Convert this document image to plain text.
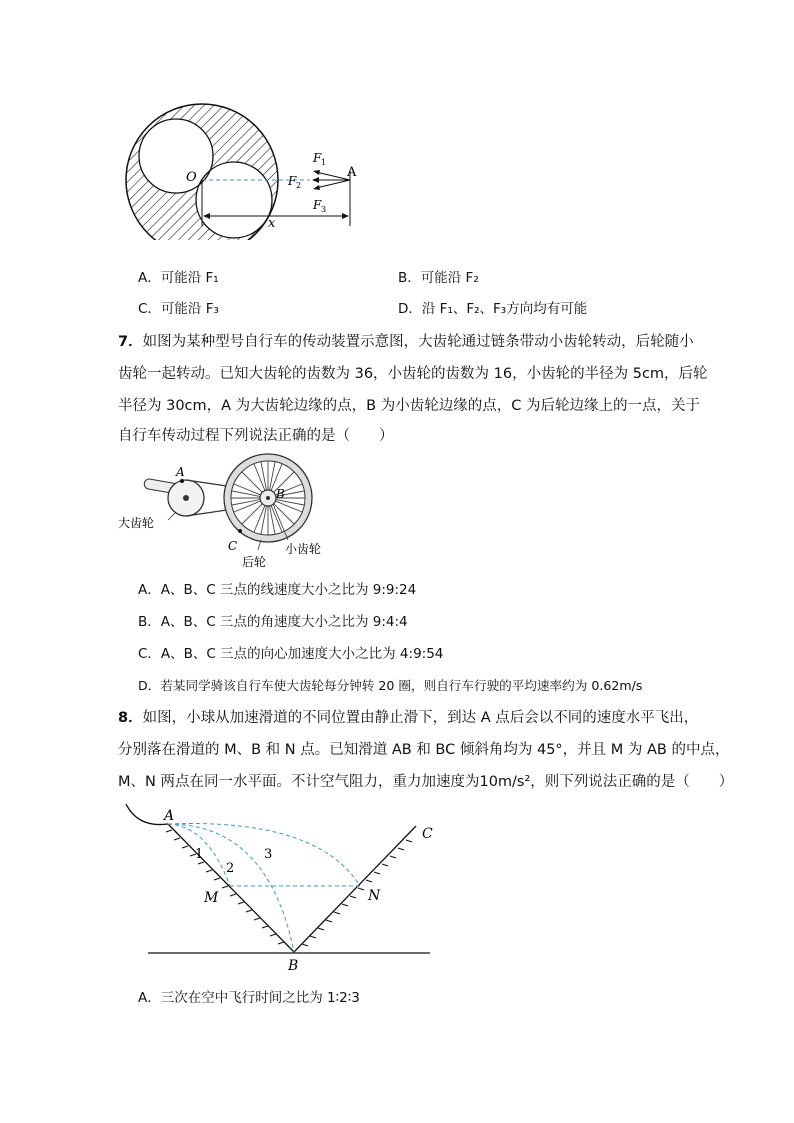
O	A
x
F 1
F 2
F 3
A．可能沿 F₁	B．可能沿 F₂
C．可能沿 F₃	D．沿 F₁、F₂、F₃方向均有可能
7．如图为某种型号自行车的传动装置示意图，大齿轮通过链条带动小齿轮转动，后轮随小
齿轮一起转动。已知大齿轮的齿数为 36，小齿轮的齿数为 16，小齿轮的半径为 5cm，后轮
半径为 30cm，A 为大齿轮边缘的点，B 为小齿轮边缘的点，C 为后轮边缘上的一点，关于
自行车传动过程下列说法正确的是（　　）
A
B
C
大齿轮
后轮
小齿轮
A．A、B、C 三点的线速度大小之比为 9:9:24
B．A、B、C 三点的角速度大小之比为 9:4:4
C．A、B、C 三点的向心加速度大小之比为 4:9:54
D．若某同学骑该自行车使大齿轮每分钟转 20 圈，则自行车行驶的平均速率约为 0.62m/s
8．如图，小球从加速滑道的不同位置由静止滑下，到达 A 点后会以不同的速度水平飞出，
分别落在滑道的 M、B 和 N 点。已知滑道 AB 和 BC 倾斜角均为 45°，并且 M 为 AB 的中点，
M、N 两点在同一水平面。不计空气阻力，重力加速度为10m/s²，则下列说法正确的是（　　）
A
B
C
M	N
1
2
3
A．三次在空中飞行时间之比为 1∶2∶3
